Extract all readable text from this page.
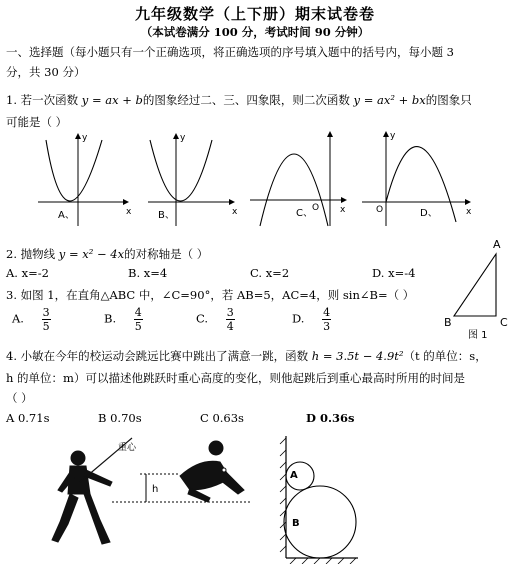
九年级数学（上下册）期末试卷卷
（本试卷满分 100 分，考试时间 90 分钟）
一、选择题（每小题只有一个正确选项，将正确选项的序号填入题中的括号内，每小题 3
分，共 30 分）
1. 若一次函数 y = ax + b的图象经过二、三、四象限，则二次函数 y = ax² + bx的图象只
可能是（ ）
x
y
A、	x
y
B、
O x
C、	O	x
y
D、
2. 抛物线 y = x² − 4x的对称轴是（ ）
A. x=-2	B. x=4	C. x=2	D. x=-4
3. 如图 1，在直角△ABC 中，∠C=90°，若 AB=5，AC=4，则 sin∠B=（ ）
A. $\frac{3}{5}$	B. $\frac{4}{5}$	C. $\frac{3}{4}$	D. $\frac{4}{3}$
A
B	C
图 1
4. 小敏在今年的校运动会跳远比赛中跳出了满意一跳，函数 h = 3.5t − 4.9t²（t 的单位：s，
h 的单位：m）可以描述他跳跃时重心高度的变化，则他起跳后到重心最高时所用的时间是
（ ）
A 0.71s	B 0.70s	C 0.63s	D 0.36s
h
重心
A
B
